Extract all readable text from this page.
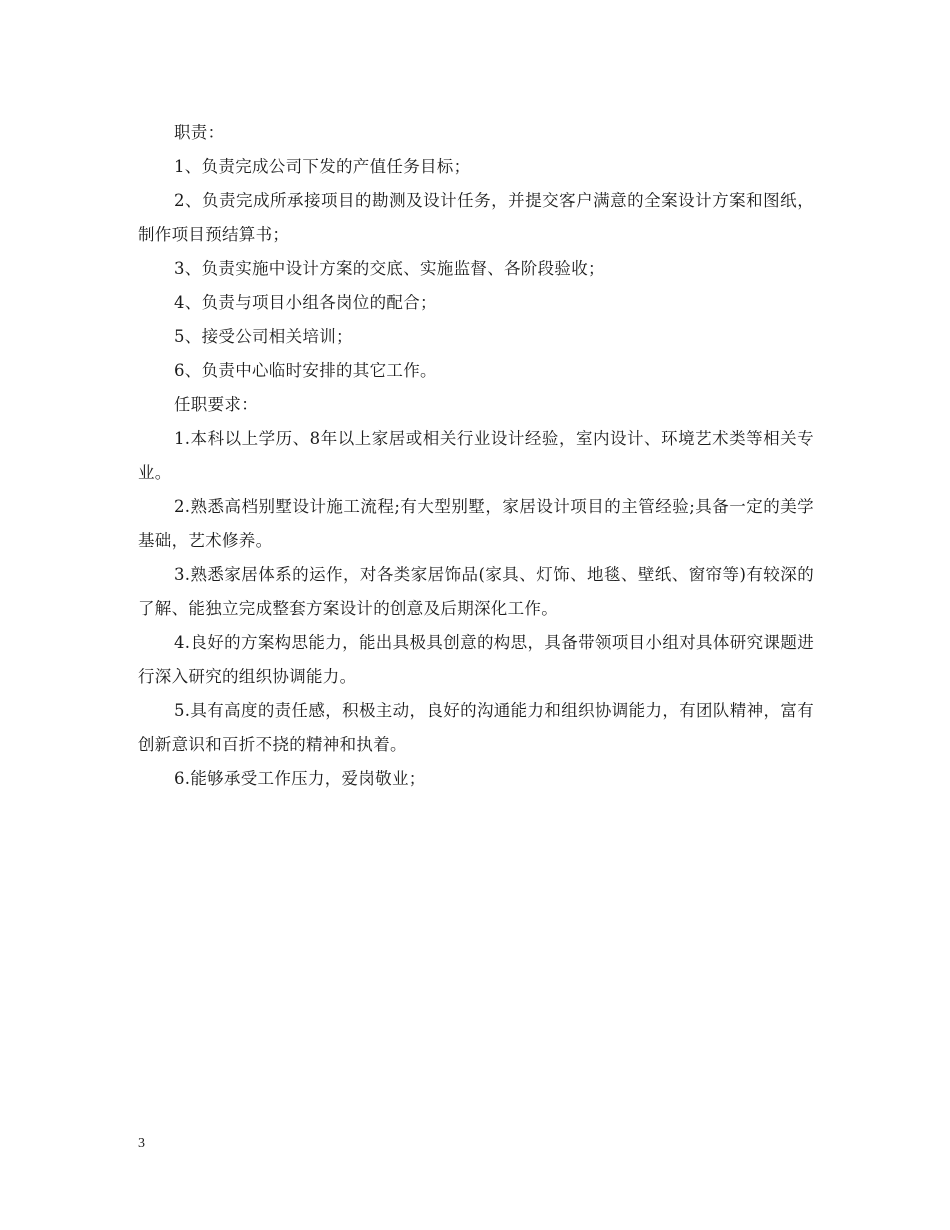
职责：

1、负责完成公司下发的产值任务目标；

2、负责完成所承接项目的勘测及设计任务，并提交客户满意的全案设计方案和图纸，制作项目预结算书；

3、负责实施中设计方案的交底、实施监督、各阶段验收；

4、负责与项目小组各岗位的配合；

5、接受公司相关培训；

6、负责中心临时安排的其它工作。

任职要求：

1.本科以上学历、8年以上家居或相关行业设计经验，室内设计、环境艺术类等相关专业。

2.熟悉高档别墅设计施工流程;有大型别墅，家居设计项目的主管经验;具备一定的美学基础，艺术修养。

3.熟悉家居体系的运作，对各类家居饰品(家具、灯饰、地毯、壁纸、窗帘等)有较深的了解、能独立完成整套方案设计的创意及后期深化工作。

4.良好的方案构思能力，能出具极具创意的构思，具备带领项目小组对具体研究课题进行深入研究的组织协调能力。

5.具有高度的责任感，积极主动，良好的沟通能力和组织协调能力，有团队精神，富有创新意识和百折不挠的精神和执着。

6.能够承受工作压力，爱岗敬业；

3
